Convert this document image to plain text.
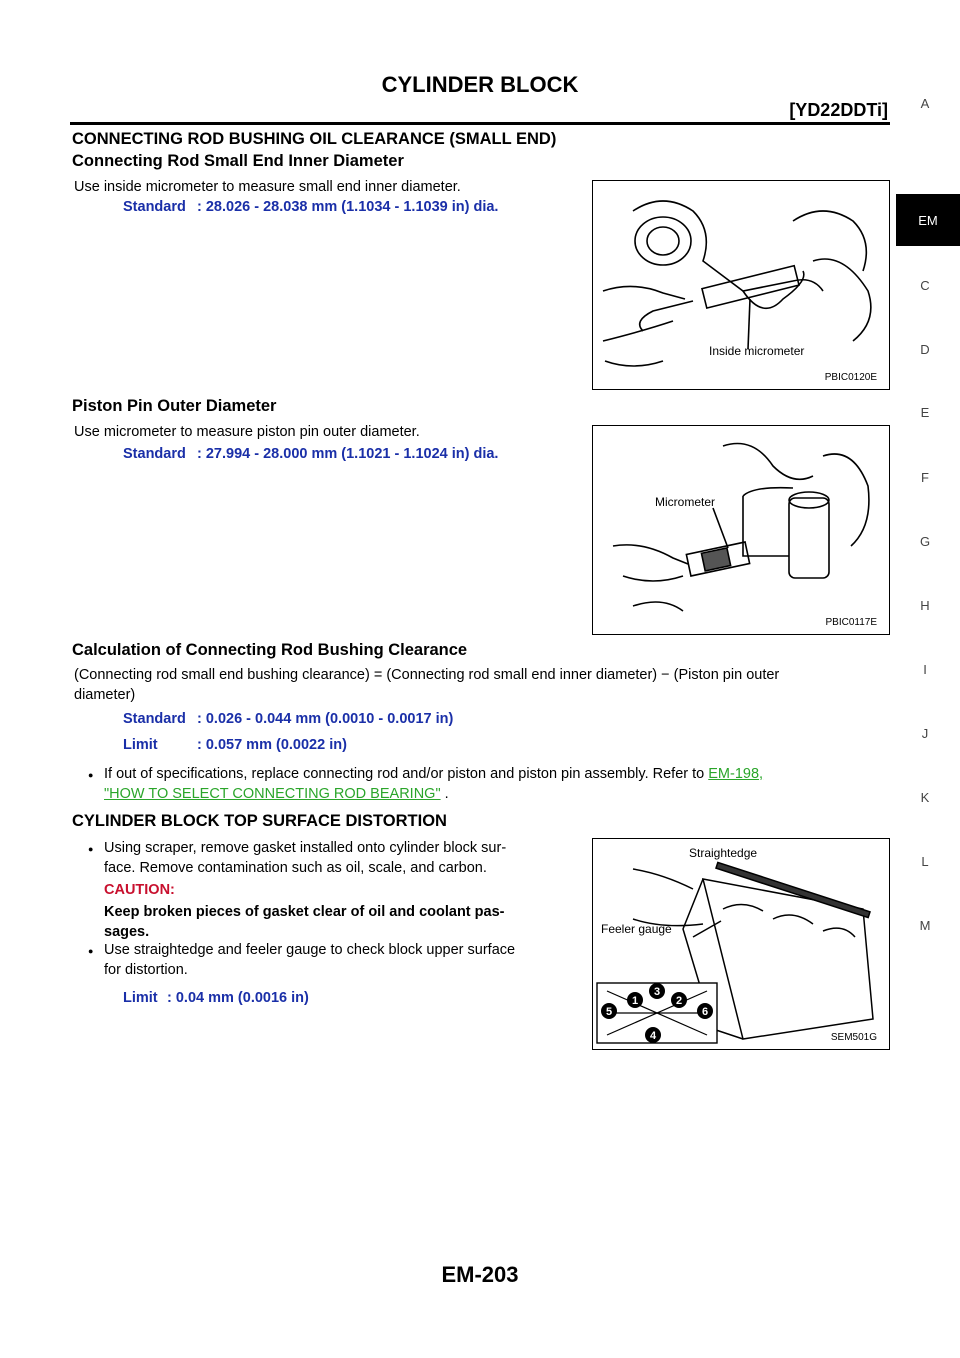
CYLINDER BLOCK
[YD22DDTi]	A
EM
C
D
E
F
G
H
I
J
K
L
M
CONNECTING ROD BUSHING OIL CLEARANCE (SMALL END)
Connecting Rod Small End Inner Diameter
Use inside micrometer to measure small end inner diameter.
Standard : 28.026 - 28.038 mm (1.1034 - 1.1039 in) dia.
Inside micrometer
PBIC0120E
Piston Pin Outer Diameter
Use micrometer to measure piston pin outer diameter.
Standard : 27.994 - 28.000 mm (1.1021 - 1.1024 in) dia.
Micrometer
PBIC0117E
Calculation of Connecting Rod Bushing Clearance
(Connecting rod small end bushing clearance) = (Connecting rod small end inner diameter) − (Piston pin outer
diameter)
Standard : 0.026 - 0.044 mm (0.0010 - 0.0017 in)
Limit	: 0.057 mm (0.0022 in)
● If out of specifications, replace connecting rod and/or piston and piston pin assembly. Refer to EM-198,
"HOW TO SELECT CONNECTING ROD BEARING" .
CYLINDER BLOCK TOP SURFACE DISTORTION
● Using scraper, remove gasket installed onto cylinder block sur-
face. Remove contamination such as oil, scale, and carbon.
CAUTION:
Keep broken pieces of gasket clear of oil and coolant pas-
sages.
● Use straightedge and feeler gauge to check block upper surface
for distortion.
Limit : 0.04 mm (0.0016 in)
Straightedge
Feeler gauge
1	2
3
4
5	6
SEM501G
EM-203
